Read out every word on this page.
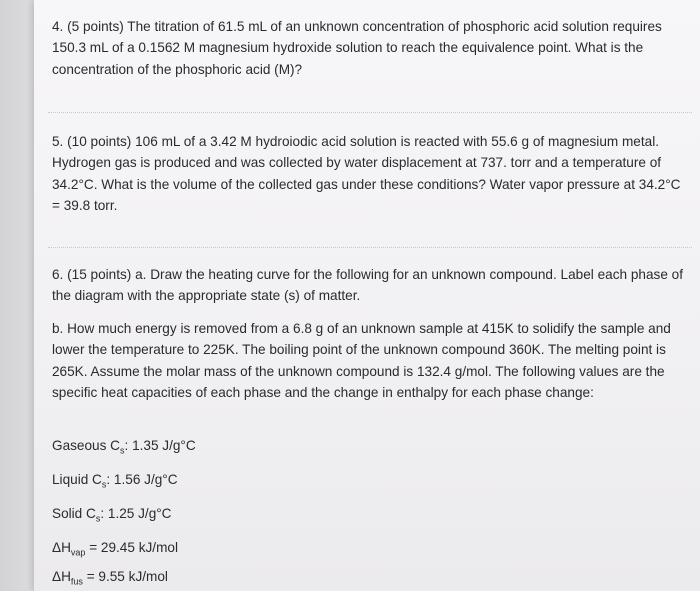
4. (5 points) The titration of 61.5 mL of an unknown concentration of phosphoric acid solution requires 150.3 mL of a 0.1562 M magnesium hydroxide solution to reach the equivalence point. What is the concentration of the phosphoric acid (M)?

5. (10 points) 106 mL of a 3.42 M hydroiodic acid solution is reacted with 55.6 g of magnesium metal. Hydrogen gas is produced and was collected by water displacement at 737. torr and a temperature of 34.2°C. What is the volume of the collected gas under these conditions? Water vapor pressure at 34.2°C = 39.8 torr.

6. (15 points) a. Draw the heating curve for the following for an unknown compound. Label each phase of the diagram with the appropriate state (s) of matter.

b. How much energy is removed from a 6.8 g of an unknown sample at 415K to solidify the sample and lower the temperature to 225K. The boiling point of the unknown compound 360K. The melting point is 265K. Assume the molar mass of the unknown compound is 132.4 g/mol. The following values are the specific heat capacities of each phase and the change in enthalpy for each phase change:

Gaseous $C_s$: 1.35 J/g°C
Liquid $C_s$: 1.56 J/g°C
Solid $C_s$: 1.25 J/g°C
$\Delta H_{vap} = 29.45$ kJ/mol
$\Delta H_{fus} = 9.55$ kJ/mol
